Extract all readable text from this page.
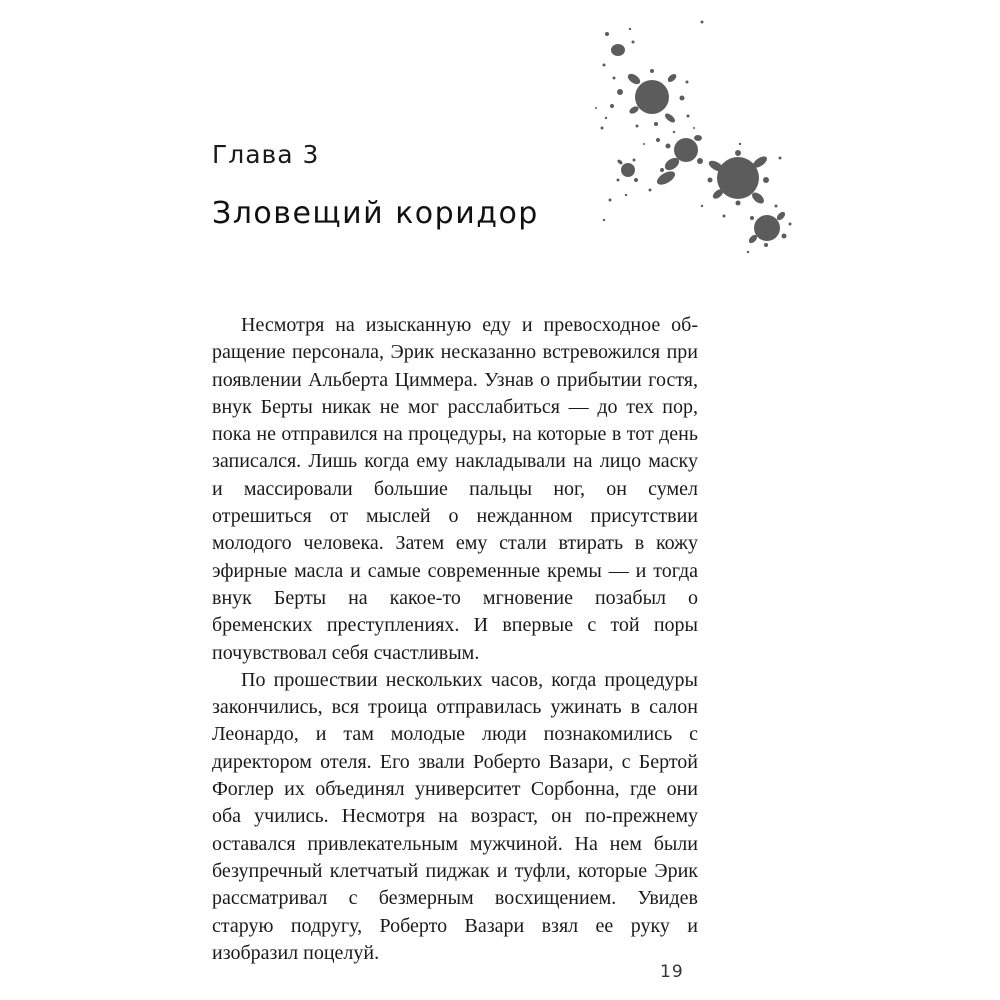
Глава 3
Зловещий коридор

Несмотря на изысканную еду и превосходное обращение персонала, Эрик несказанно встревожился при появлении Альберта Циммера. Узнав о прибытии гостя, внук Берты никак не мог расслабиться — до тех пор, пока не отправился на процедуры, на которые в тот день записался. Лишь когда ему накладывали на лицо маску и массировали большие пальцы ног, он сумел отрешиться от мыслей о нежданном присутствии молодого человека. Затем ему стали втирать в кожу эфирные масла и самые современные кремы — и тогда внук Берты на какое-то мгновение позабыл о бременских преступлениях. И впервые с той поры почувствовал себя счастливым.

По прошествии нескольких часов, когда процедуры закончились, вся троица отправилась ужинать в салон Леонардо, и там молодые люди познакомились с директором отеля. Его звали Роберто Вазари, с Бертой Фоглер их объединял университет Сорбонна, где они оба учились. Несмотря на возраст, он по-прежнему оставался привлекательным мужчиной. На нем были безупречный клетчатый пиджак и туфли, которые Эрик рассматривал с безмерным восхищением. Увидев старую подругу, Роберто Вазари взял ее руку и изобразил поцелуй.

19
